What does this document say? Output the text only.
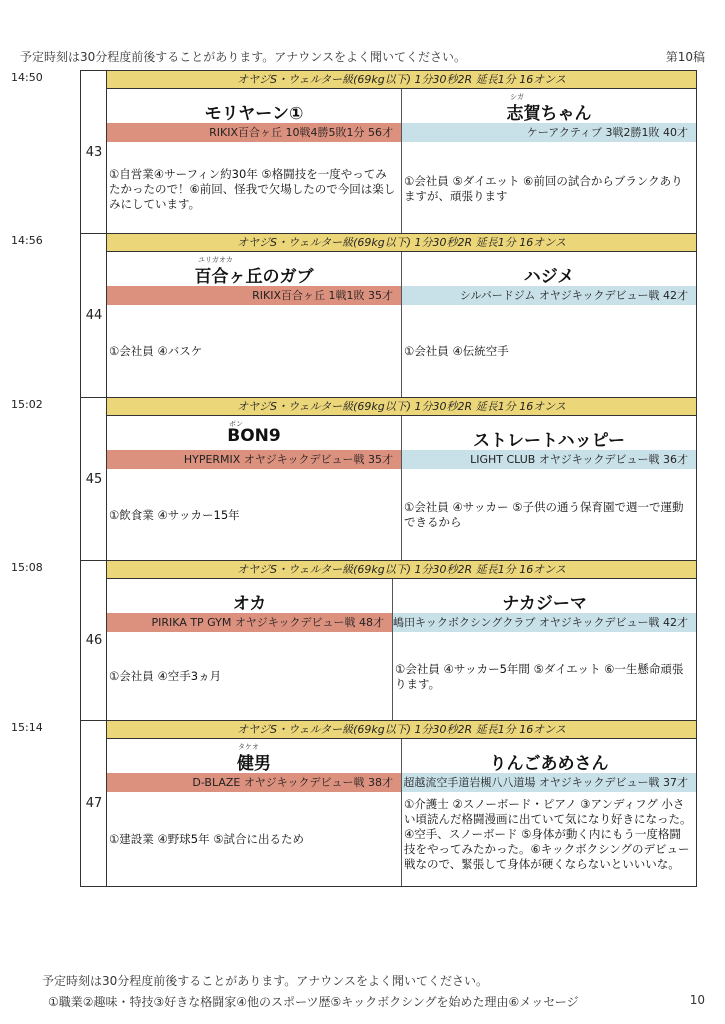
予定時刻は30分程度前後することがあります。アナウンスをよく聞いてください。	第10稿
14:50
43
オヤジS・ウェルター級(69kg以下) 1分30秒2R 延長1分 16オンス
モリヤーン①
RIKIX百合ヶ丘 10戦4勝5敗1分 56才
①自営業④サーフィン約30年 ⑤格闘技を一度やってみたかったので！⑥前回、怪我で欠場したので今回は楽しみにしています。
シガ
志賀ちゃん
ケーアクティブ 3戦2勝1敗 40才
①会社員 ⑤ダイエット ⑥前回の試合からブランクありますが、頑張ります
14:56
44
オヤジS・ウェルター級(69kg以下) 1分30秒2R 延長1分 16オンス
ユリガオカ
百合ヶ丘のガブ
RIKIX百合ヶ丘 1戦1敗 35才
①会社員 ④バスケ
ハジメ
シルバードジム オヤジキックデビュー戦 42才
①会社員 ④伝統空手
15:02
45
オヤジS・ウェルター級(69kg以下) 1分30秒2R 延長1分 16オンス
ボン
BON9
HYPERMIX オヤジキックデビュー戦 35才
①飲食業 ④サッカー15年
ストレートハッピー
LIGHT CLUB オヤジキックデビュー戦 36才
①会社員 ④サッカー ⑤子供の通う保育園で週一で運動できるから
15:08
46
オヤジS・ウェルター級(69kg以下) 1分30秒2R 延長1分 16オンス
オカ
PIRIKA TP GYM オヤジキックデビュー戦 48才
①会社員 ④空手3ヵ月
ナカジーマ
嶋田キックボクシングクラブ オヤジキックデビュー戦 42才
①会社員 ④サッカー5年間 ⑤ダイエット ⑥一生懸命頑張ります。
15:14
47
オヤジS・ウェルター級(69kg以下) 1分30秒2R 延長1分 16オンス
タケオ
健男
D-BLAZE オヤジキックデビュー戦 38才
①建設業 ④野球5年 ⑤試合に出るため
りんごあめさん
超越流空手道岩槻八八道場 オヤジキックデビュー戦 37才
①介護士 ②スノーボード・ピアノ ③アンディフグ 小さい頃読んだ格闘漫画に出ていて気になり好きになった。④空手、スノーボード ⑤身体が動く内にもう一度格闘技をやってみたかった。⑥キックボクシングのデビュー戦なので、緊張して身体が硬くならないといいいな。
予定時刻は30分程度前後することがあります。アナウンスをよく聞いてください。
①職業②趣味・特技③好きな格闘家④他のスポーツ歴⑤キックボクシングを始めた理由⑥メッセージ	10
